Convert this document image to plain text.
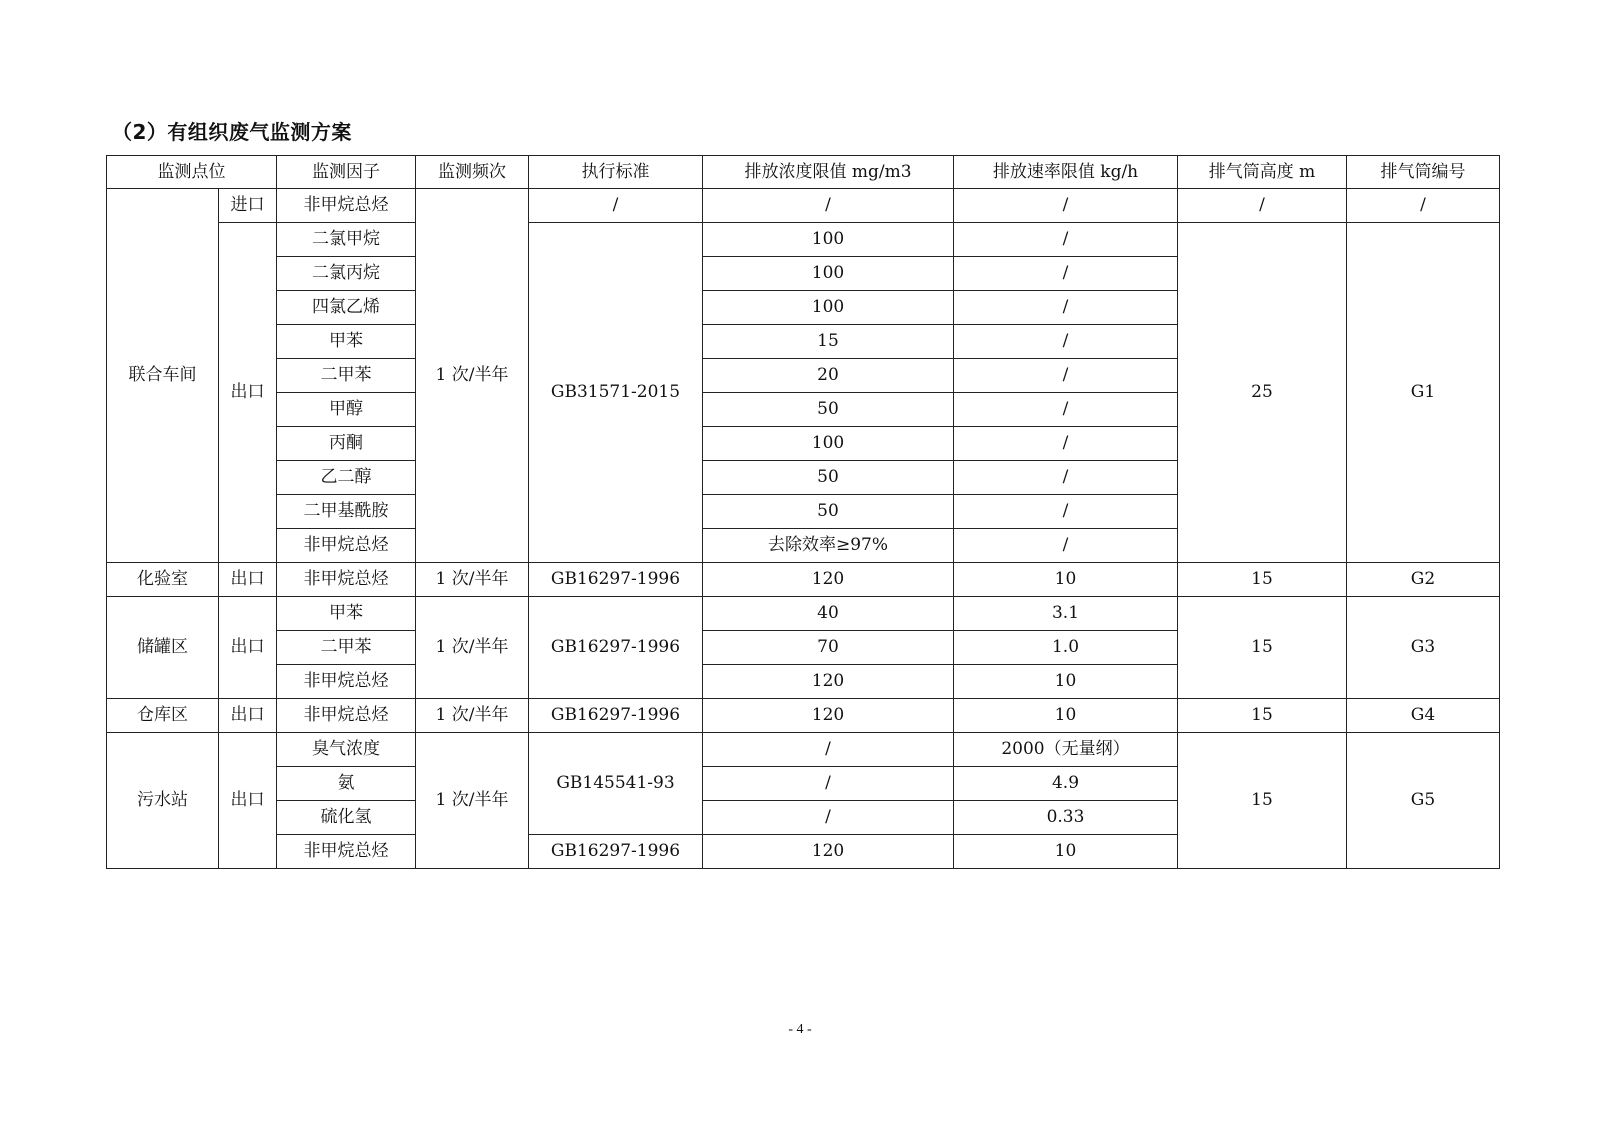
（2）有组织废气监测方案
监测点位		监测因子	监测频次	执行标准	排放浓度限值 mg/m3	排放速率限值 kg/h	排气筒高度 m	排气筒编号
联合车间	进口	非甲烷总烃	1 次/半年	/	/	/	/	/
	出口	二氯甲烷		GB31571-2015	100	/	25	G1
		二氯丙烷			100	/		
		四氯乙烯			100	/		
		甲苯			15	/		
		二甲苯			20	/		
		甲醇			50	/		
		丙酮			100	/		
		乙二醇			50	/		
		二甲基酰胺			50	/		
		非甲烷总烃			去除效率≥97%	/		
化验室	出口	非甲烷总烃	1 次/半年	GB16297-1996	120	10	15	G2
储罐区	出口	甲苯	1 次/半年	GB16297-1996	40	3.1	15	G3
		二甲苯			70	1.0		
		非甲烷总烃			120	10		
仓库区	出口	非甲烷总烃	1 次/半年	GB16297-1996	120	10	15	G4
污水站	出口	臭气浓度	1 次/半年	GB145541-93	/	2000（无量纲）	15	G5
		氨			/	4.9		
		硫化氢			/	0.33		
		非甲烷总烃		GB16297-1996	120	10		
- 4 -
